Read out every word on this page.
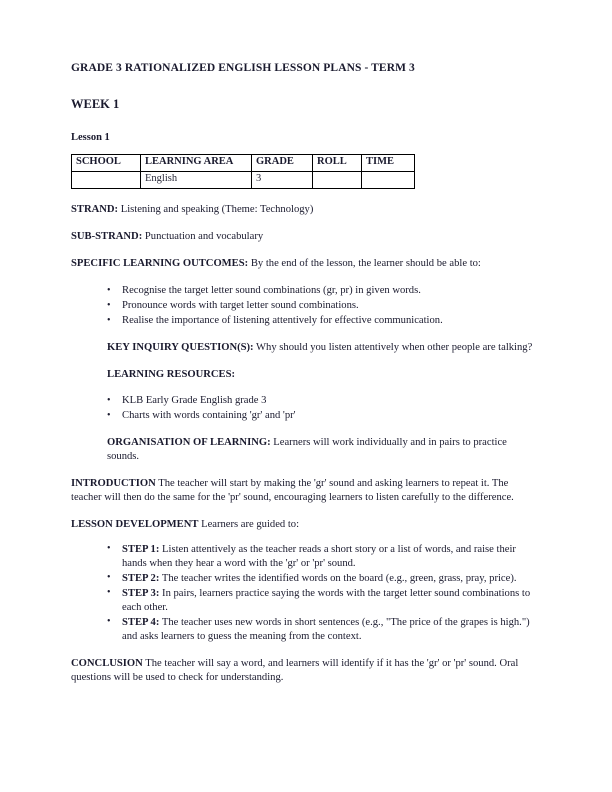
GRADE 3 RATIONALIZED ENGLISH LESSON PLANS - TERM 3
WEEK 1
Lesson 1
SCHOOL	LEARNING AREA	GRADE	ROLL	TIME
	English	3		

STRAND: Listening and speaking (Theme: Technology)

SUB-STRAND: Punctuation and vocabulary

SPECIFIC LEARNING OUTCOMES: By the end of the lesson, the learner should be able to:

• Recognise the target letter sound combinations (gr, pr) in given words.
• Pronounce words with target letter sound combinations.
• Realise the importance of listening attentively for effective communication.

KEY INQUIRY QUESTION(S): Why should you listen attentively when other people are talking?

LEARNING RESOURCES:
• KLB Early Grade English grade 3
• Charts with words containing 'gr' and 'pr'

ORGANISATION OF LEARNING: Learners will work individually and in pairs to practice sounds.

INTRODUCTION The teacher will start by making the 'gr' sound and asking learners to repeat it. The teacher will then do the same for the 'pr' sound, encouraging learners to listen carefully to the difference.

LESSON DEVELOPMENT Learners are guided to:

• STEP 1: Listen attentively as the teacher reads a short story or a list of words, and raise their hands when they hear a word with the 'gr' or 'pr' sound.
• STEP 2: The teacher writes the identified words on the board (e.g., green, grass, pray, price).
• STEP 3: In pairs, learners practice saying the words with the target letter sound combinations to each other.
• STEP 4: The teacher uses new words in short sentences (e.g., "The price of the grapes is high.") and asks learners to guess the meaning from the context.

CONCLUSION The teacher will say a word, and learners will identify if it has the 'gr' or 'pr' sound. Oral questions will be used to check for understanding.
